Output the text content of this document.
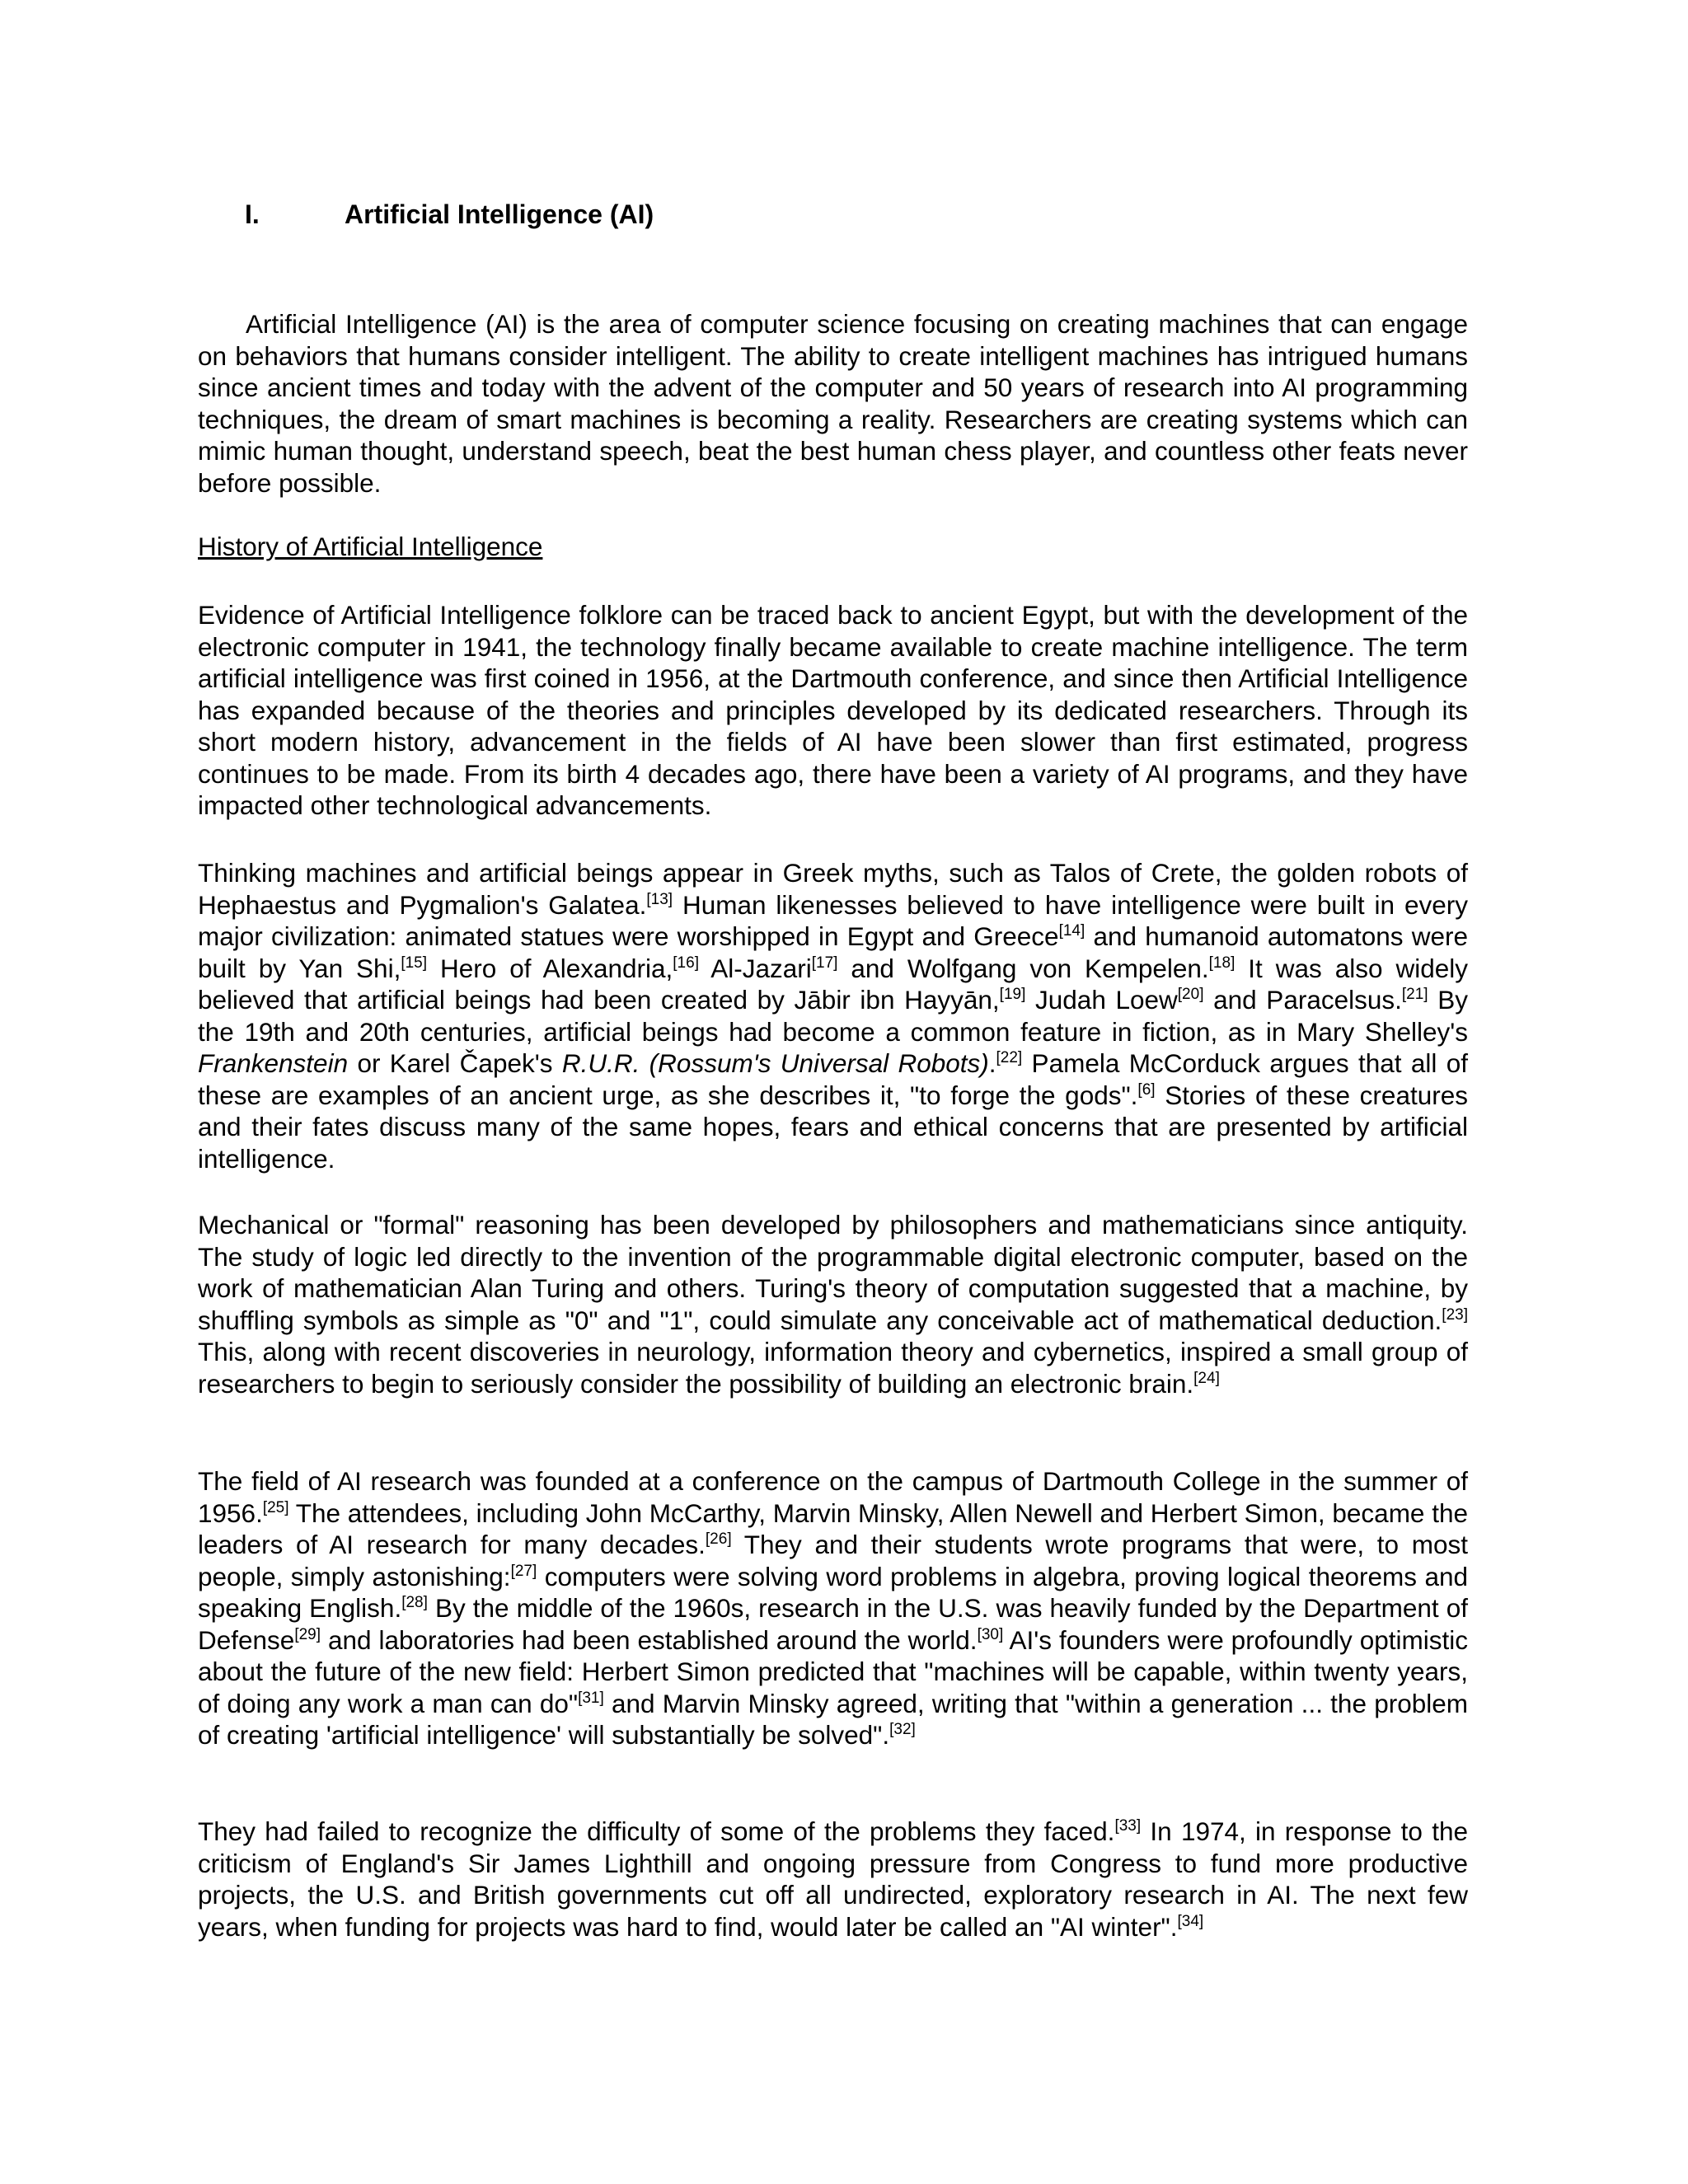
I.	Artificial Intelligence (AI)

Artificial Intelligence (AI) is the area of computer science focusing on creating machines that can engage on behaviors that humans consider intelligent. The ability to create intelligent machines has intrigued humans since ancient times and today with the advent of the computer and 50 years of research into AI programming techniques, the dream of smart machines is becoming a reality. Researchers are creating systems which can mimic human thought, understand speech, beat the best human chess player, and countless other feats never before possible.

History of Artificial Intelligence

Evidence of Artificial Intelligence folklore can be traced back to ancient Egypt, but with the development of the electronic computer in 1941, the technology finally became available to create machine intelligence. The term artificial intelligence was first coined in 1956, at the Dartmouth conference, and since then Artificial Intelligence has expanded because of the theories and principles developed by its dedicated researchers. Through its short modern history, advancement in the fields of AI have been slower than first estimated, progress continues to be made. From its birth 4 decades ago, there have been a variety of AI programs, and they have impacted other technological advancements.

Thinking machines and artificial beings appear in Greek myths, such as Talos of Crete, the golden robots of Hephaestus and Pygmalion's Galatea.[13] Human likenesses believed to have intelligence were built in every major civilization: animated statues were worshipped in Egypt and Greece[14] and humanoid automatons were built by Yan Shi,[15] Hero of Alexandria,[16] Al-Jazari[17] and Wolfgang von Kempelen.[18] It was also widely believed that artificial beings had been created by Jābir ibn Hayyān,[19] Judah Loew[20] and Paracelsus.[21] By the 19th and 20th centuries, artificial beings had become a common feature in fiction, as in Mary Shelley's Frankenstein or Karel Čapek's R.U.R. (Rossum's Universal Robots).[22] Pamela McCorduck argues that all of these are examples of an ancient urge, as she describes it, "to forge the gods".[6] Stories of these creatures and their fates discuss many of the same hopes, fears and ethical concerns that are presented by artificial intelligence.

Mechanical or "formal" reasoning has been developed by philosophers and mathematicians since antiquity. The study of logic led directly to the invention of the programmable digital electronic computer, based on the work of mathematician Alan Turing and others. Turing's theory of computation suggested that a machine, by shuffling symbols as simple as "0" and "1", could simulate any conceivable act of mathematical deduction.[23] This, along with recent discoveries in neurology, information theory and cybernetics, inspired a small group of researchers to begin to seriously consider the possibility of building an electronic brain.[24]

The field of AI research was founded at a conference on the campus of Dartmouth College in the summer of 1956.[25] The attendees, including John McCarthy, Marvin Minsky, Allen Newell and Herbert Simon, became the leaders of AI research for many decades.[26] They and their students wrote programs that were, to most people, simply astonishing:[27] computers were solving word problems in algebra, proving logical theorems and speaking English.[28] By the middle of the 1960s, research in the U.S. was heavily funded by the Department of Defense[29] and laboratories had been established around the world.[30] AI's founders were profoundly optimistic about the future of the new field: Herbert Simon predicted that "machines will be capable, within twenty years, of doing any work a man can do"[31] and Marvin Minsky agreed, writing that "within a generation ... the problem of creating 'artificial intelligence' will substantially be solved".[32]

They had failed to recognize the difficulty of some of the problems they faced.[33] In 1974, in response to the criticism of England's Sir James Lighthill and ongoing pressure from Congress to fund more productive projects, the U.S. and British governments cut off all undirected, exploratory research in AI. The next few years, when funding for projects was hard to find, would later be called an "AI winter".[34]
